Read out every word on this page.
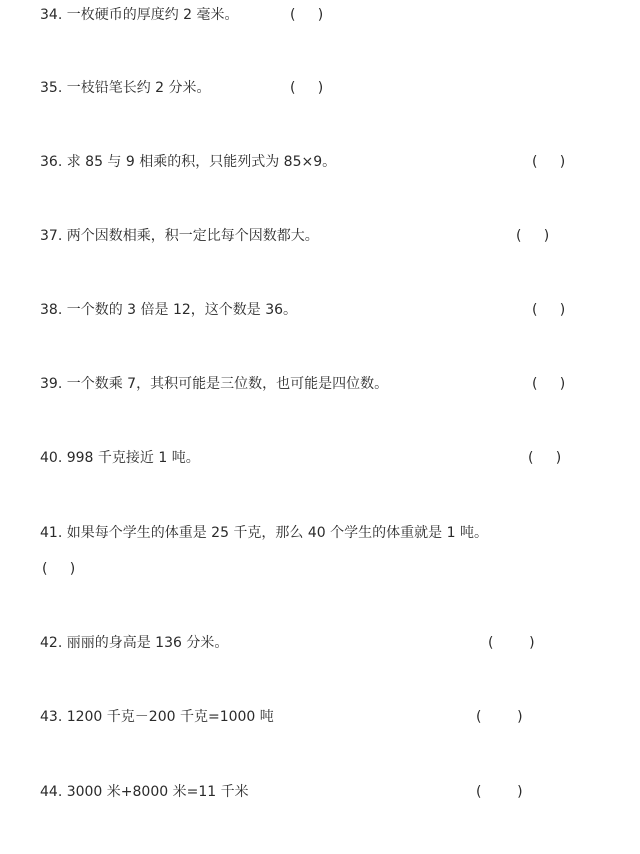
34. 一枚硬币的厚度约 2 毫米。	(     )
35. 一枝铅笔长约 2 分米。	(     )
36. 求 85 与 9 相乘的积，只能列式为 85×9。	(     )
37. 两个因数相乘，积一定比每个因数都大。	(     )
38. 一个数的 3 倍是 12，这个数是 36。	(     )
39. 一个数乘 7，其积可能是三位数，也可能是四位数。	(     )
40. 998 千克接近 1 吨。	(     )
41. 如果每个学生的体重是 25 千克，那么 40 个学生的体重就是 1 吨。
(     )
42. 丽丽的身高是 136 分米。	(        )
43. 1200 千克－200 千克=1000 吨	(        )
44. 3000 米+8000 米=11 千米	(        )
